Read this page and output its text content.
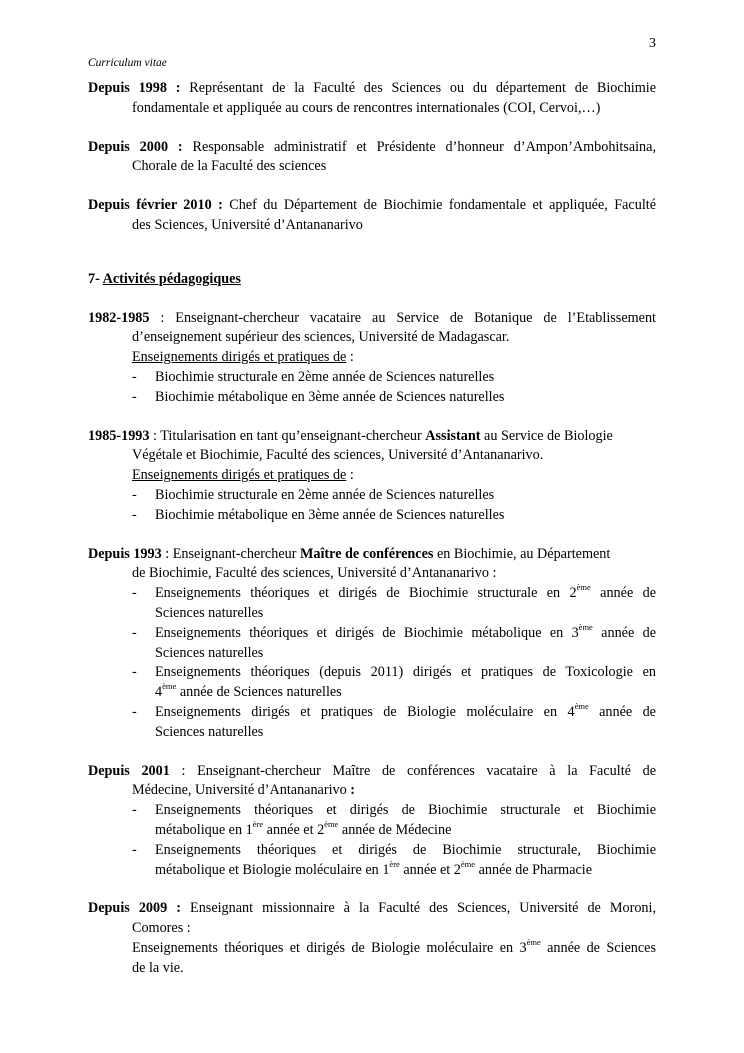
3
Curriculum vitae
Depuis 1998 : Représentant de la Faculté des Sciences ou du département de Biochimie
fondamentale et appliquée au cours de rencontres internationales (COI, Cervoi,…)
Depuis 2000 : Responsable administratif et Présidente d’honneur d’Ampon’Ambohitsaina,
Chorale de la Faculté des sciences
Depuis février 2010 : Chef du Département de Biochimie fondamentale et appliquée, Faculté
des Sciences, Université d’Antananarivo
7- Activités pédagogiques
1982-1985 : Enseignant-chercheur vacataire au Service de Botanique de l’Etablissement
d’enseignement supérieur des sciences, Université de Madagascar.
Enseignements dirigés et pratiques de :
- Biochimie structurale en 2ème année de Sciences naturelles
- Biochimie métabolique en 3ème année de Sciences naturelles
1985-1993 : Titularisation en tant qu’enseignant-chercheur Assistant au Service de Biologie
Végétale et Biochimie, Faculté des sciences, Université d’Antananarivo.
Enseignements dirigés et pratiques de :
- Biochimie structurale en 2ème année de Sciences naturelles
- Biochimie métabolique en 3ème année de Sciences naturelles
Depuis 1993 : Enseignant-chercheur Maître de conférences en Biochimie, au Département
de Biochimie, Faculté des sciences, Université d’Antananarivo :
- Enseignements théoriques et dirigés de Biochimie structurale en 2ème année de
Sciences naturelles
- Enseignements théoriques et dirigés de Biochimie métabolique en 3ème année de
Sciences naturelles
- Enseignements théoriques (depuis 2011) dirigés et pratiques de Toxicologie en
4ème année de Sciences naturelles
- Enseignements dirigés et pratiques de Biologie moléculaire en 4ème année de
Sciences naturelles
Depuis 2001 : Enseignant-chercheur Maître de conférences vacataire à la Faculté de
Médecine, Université d’Antananarivo :
- Enseignements théoriques et dirigés de Biochimie structurale et Biochimie
métabolique en 1ère année et 2ème année de Médecine
- Enseignements théoriques et dirigés de Biochimie structurale, Biochimie
métabolique et Biologie moléculaire en 1ère année et 2ème année de Pharmacie
Depuis 2009 : Enseignant missionnaire à la Faculté des Sciences, Université de Moroni,
Comores :
Enseignements théoriques et dirigés de Biologie moléculaire en 3ème année de Sciences
de la vie.
